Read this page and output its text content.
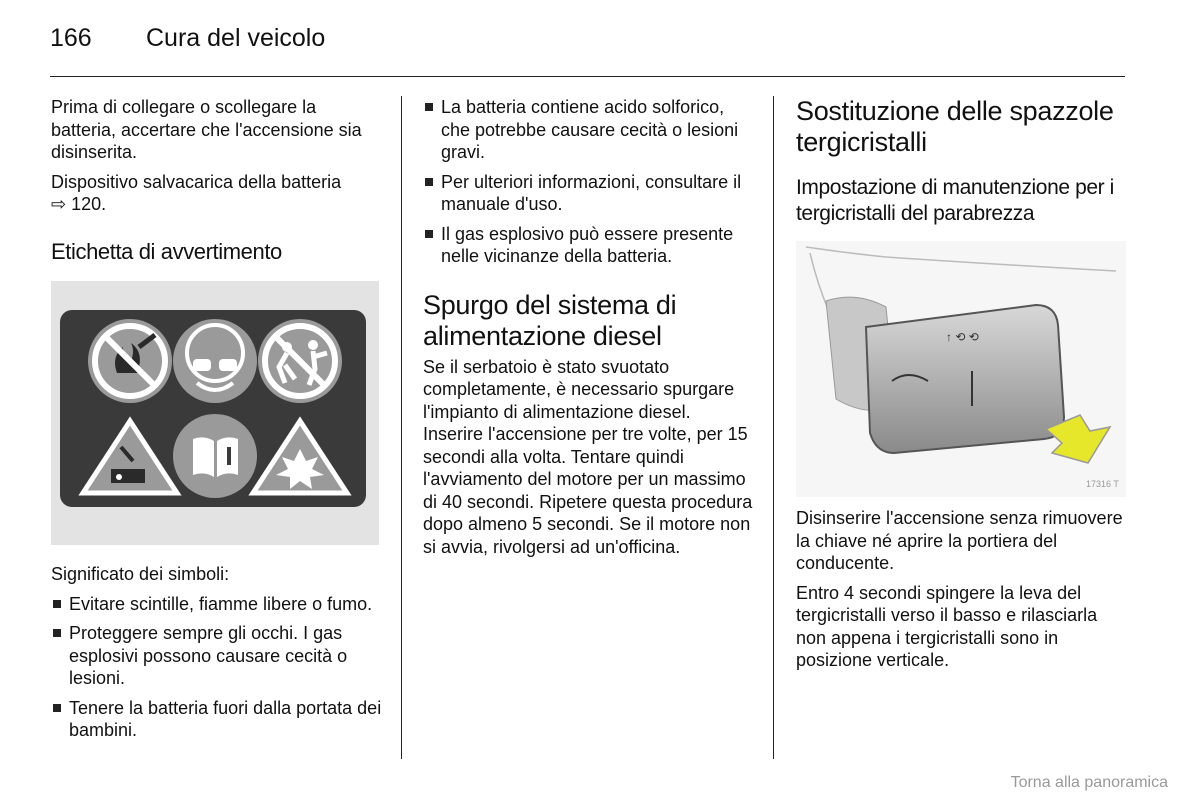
166 Cura del veicolo

Prima di collegare o scollegare la batteria, accertare che l'accensione sia disinserita.

Dispositivo salvacarica della batteria
⇨ 120.

Etichetta di avvertimento

Significato dei simboli:

Evitare scintille, fiamme libere o fumo.
Proteggere sempre gli occhi. I gas esplosivi possono causare cecità o lesioni.
Tenere la batteria fuori dalla portata dei bambini.
La batteria contiene acido solforico, che potrebbe causare cecità o lesioni gravi.
Per ulteriori informazioni, consultare il manuale d'uso.
Il gas esplosivo può essere presente nelle vicinanze della batteria.
Spurgo del sistema di alimentazione diesel

Se il serbatoio è stato svuotato completamente, è necessario spurgare l'impianto di alimentazione diesel. Inserire l'accensione per tre volte, per 15 secondi alla volta. Tentare quindi l'avviamento del motore per un massimo di 40 secondi. Ripetere questa procedura dopo almeno 5 secondi. Se il motore non si avvia, rivolgersi ad un'officina.

Sostituzione delle spazzole tergicristalli
Impostazione di manutenzione per i tergicristalli del parabrezza
↑ ⟲ ⟲
17316 T

Disinserire l'accensione senza rimuovere la chiave né aprire la portiera del conducente.

Entro 4 secondi spingere la leva del tergicristalli verso il basso e rilasciarla non appena i tergicristalli sono in posizione verticale.

Torna alla panoramica
